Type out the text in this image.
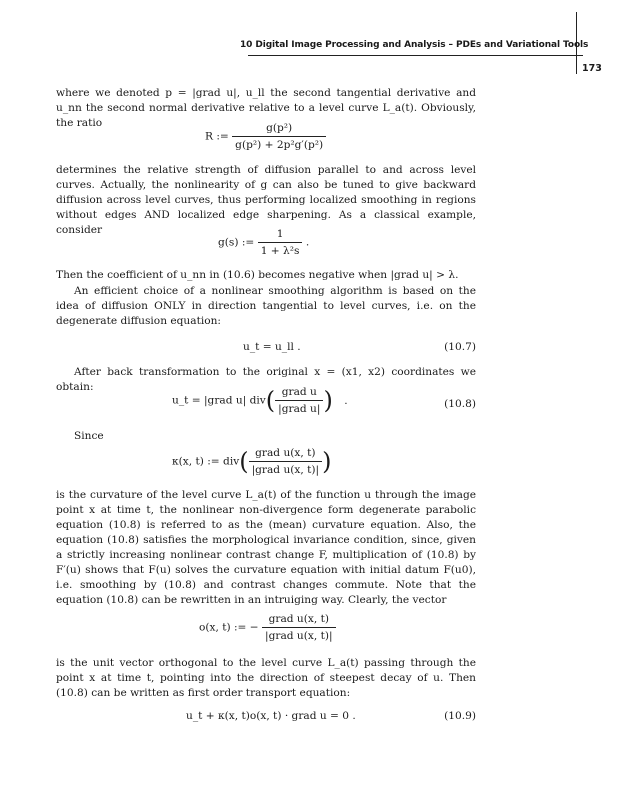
10 Digital Image Processing and Analysis – PDEs and Variational Tools
173

where we denoted p = |grad u|, u_ll the second tangential derivative and u_nn the second normal derivative relative to a level curve L_a(t). Obviously, the ratio

R := $\frac{\text{g(p²)}}{\text{g(p²) + 2p²g′(p²)}}$

determines the relative strength of diffusion parallel to and across level curves. Actually, the nonlinearity of g can also be tuned to give backward diffusion across level curves, thus performing localized smoothing in regions without edges AND localized edge sharpening. As a classical example, consider

g(s) := $\frac{1}{\text{1 + λ²s}}$ .

Then the coefficient of u_nn in (10.6) becomes negative when |grad u| > λ.

An efficient choice of a nonlinear smoothing algorithm is based on the idea of diffusion ONLY in direction tangential to level curves, i.e. on the degenerate diffusion equation:

u_t = u_ll .	(10.7)

After back transformation to the original x = (x1, x2) coordinates we obtain:

u_t = |grad u| $div( \frac{\text{grad u}}{\text{|grad u|}}$ ) .	(10.8)
Since
κ(x, t) := $div( \frac{\text{grad u(x, t)}}{\text{|grad u(x, t)|}}$ )

is the curvature of the level curve L_a(t) of the function u through the image point x at time t, the nonlinear non-divergence form degenerate parabolic equation (10.8) is referred to as the (mean) curvature equation. Also, the equation (10.8) satisfies the morphological invariance condition, since, given a strictly increasing nonlinear contrast change F, multiplication of (10.8) by F′(u) shows that F(u) solves the curvature equation with initial datum F(u0), i.e. smoothing by (10.8) and contrast changes commute. Note that the equation (10.8) can be rewritten in an intruiging way. Clearly, the vector

o(x, t) := − $\frac{\text{grad u(x, t)}}{\text{|grad u(x, t)|}}$

is the unit vector orthogonal to the level curve L_a(t) passing through the point x at time t, pointing into the direction of steepest decay of u. Then (10.8) can be written as first order transport equation:

u_t + κ(x, t)o(x, t) · grad u = 0 .	(10.9)
